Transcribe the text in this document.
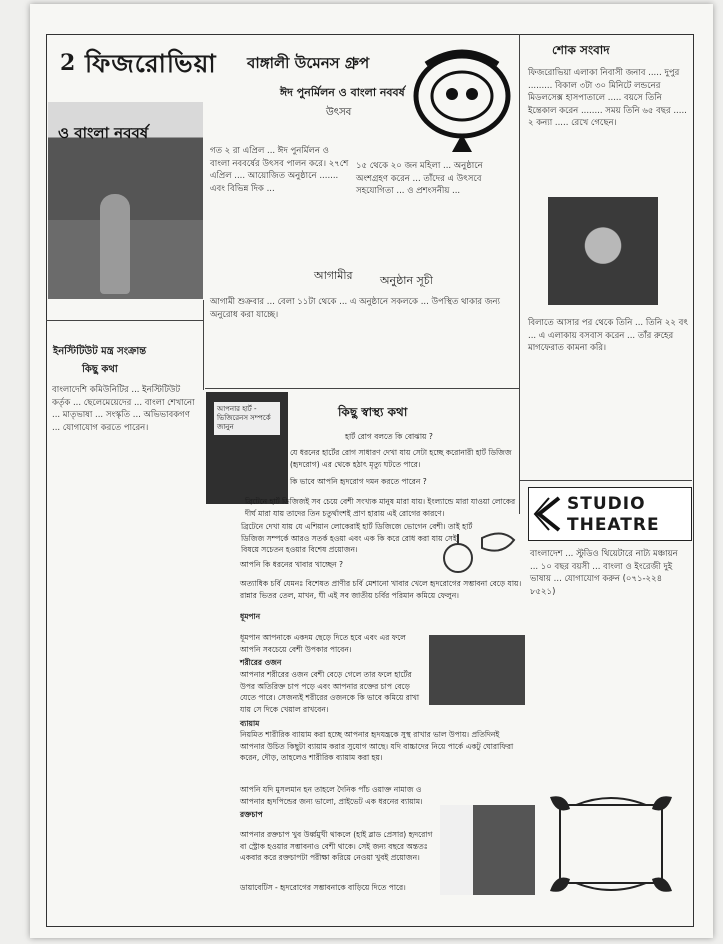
2 ফিজরোভিয়া বাঙ্গালী উমেনস গ্রুপ
ঈদ পুনর্মিলন ও বাংলা নববর্ষ
উৎসব
ও বাংলা নববর্ষ
গত ২ রা এপ্রিল ... ঈদ পুনর্মিলন ও বাংলা নববর্ষের উৎসব পালন করে। ২৭শে এপ্রিল .... আয়োজিত অনুষ্ঠানে ....... এবং বিভিন্ন দিক ...
১৫ থেকে ২০ জন মহিলা ... অনুষ্ঠানে অংশগ্রহণ করেন ... তাঁদের এ উৎসবে সহযোগিতা ... ও প্রশংসনীয় ...
আগামীর অনুষ্ঠান সূচী
আগামী শুক্রবার ... বেলা ১১টা থেকে ... এ অনুষ্ঠানে সকলকে ... উপস্থিত থাকার জন্য অনুরোধ করা যাচ্ছে।
ইনস্টিটিউট মন্ত্র সংক্রান্ত
কিছু কথা
বাংলাদেশি কমিউনিটির ... ইনস্টিটিউট কর্তৃক ... ছেলেমেয়েদের ... বাংলা শেখানো ... মাতৃভাষা ... সংস্কৃতি ... অভিভাবকগণ ... যোগাযোগ করতে পারেন।
শোক সংবাদ
ফিজরোভিয়া এলাকা নিবাসী জনাব ..... দুপুর ......... বিকাল ৩টা ৩০ মিনিটে লন্ডনের মিডলসেক্স হাসপাতালে ..... বয়সে তিনি ইন্তেকাল করেন ........ সময় তিনি ৬৫ বছর ..... ২ কন্যা ..... রেখে গেছেন।
বিলাতে আসার পর থেকে তিনি ... তিনি ২২ বৎ ... এ এলাকায় বসবাস করেন ... তাঁর রুহের মাগফেরাত কামনা করি।
আপনার হার্ট - ভিজিরেনস সম্পর্কে জানুন
কিছু স্বাস্থ্য কথা
হার্ট রোগ বলতে কি বোঝায় ?
যে ধরনের হার্টের রোগ সাধারণ দেখা যায় সেটা হচ্ছে করোনারী হার্ট ডিজিজ (হৃদরোগ) এর থেকে হঠাৎ মৃত্যু ঘটতে পারে।
কি ভাবে আপনি হৃদরোগ দমন করতে পারেন ?
ব্রিটেনে হার্ট ডিজিজই সব চেয়ে বেশী সংখ্যক মানুষ মারা যায়। ইংল্যান্ডে মারা যাওয়া লোকের দীর্ঘ মারা যায় তাদের তিন চতুর্থাংশই প্রাণ হারায় এই রোগের কারণে।
ব্রিটেনে দেখা যায় যে এশিয়ান লোকেরাই হার্ট ডিজিজে ভোগেন বেশী। তাই হার্ট ডিজিজ সম্পর্কে আরও সতর্ক হওয়া এবং এক কি করে রোধ করা যায় সেই বিষয়ে সচেতন হওয়ার বিশেষ প্রয়োজন।
আপনি কি ধরনের খাবার খাচ্ছেন ?
অত্যাধিক চর্বি যেমনঃ বিশেষত প্রাণীর চর্বি মেশানো খাবার খেলে হৃদরোগের সম্ভাবনা বেড়ে যায়। রান্নার ভিতর তেল, মাখন, ঘী এই সব জাতীয় চর্বির পরিমান কমিয়ে ফেলুন।
ধূমপান
ধূমপান আপনাকে একদম ছেড়ে দিতে হবে এবং এর ফলে আপনি সবচেয়ে বেশী উপকার পাবেন।
শরীরের ওজন
আপনার শরীরের ওজন বেশী বেড়ে গেলে তার ফলে হার্টের উপর অতিরিক্ত চাপ পড়ে এবং আপনার রক্তের চাপ বেড়ে যেতে পারে। সেজন্যই শরীরের ওজনকে কি ভাবে কমিয়ে রাখা যায় সে দিকে খেয়াল রাখবেন।
ব্যায়াম
নিয়মিত শারীরিক ব্যায়াম করা হচ্ছে আপনার হৃদযন্ত্রকে সুস্থ রাখার ভাল উপায়। প্রতিদিনই আপনার উচিত কিছুটা ব্যায়াম করার সুযোগ আছে। যদি বাচ্চাদের নিয়ে পার্কে একটু ঘোরাফিরা করেন, দৌড়, তাহলেও শারীরিক ব্যায়াম করা হয়।
আপনি যদি মুসলমান হন তাহলে দৈনিক পাঁচ ওয়াক্ত নামাজ ও আপনার হৃদপিন্ডের জন্য ভালো, প্রাইভেট এক ধরনের ব্যায়াম।
রক্তচাপ
আপনার রক্তচাপ খুব উর্ধ্বমুখী থাকলে (হাই ব্লাড প্রেসার) হৃদরোগ বা স্ট্রোক হওয়ার সম্ভাবনাও বেশী থাকে। সেই জন্য বছরে অন্ততঃ একবার করে রক্তচাপটা পরীক্ষা করিয়ে নেওয়া খুবই প্রয়োজন।
ডায়াবেটিস - হৃদরোগের সম্ভাবনাকে বাড়িয়ে দিতে পারে।
STUDIO
THEATRE
বাংলাদেশ ... স্টুডিও থিয়েটারে নাট্য মঞ্চায়ন ... ১০ বছর বয়সী ... বাংলা ও ইংরেজী দুই ভাষায় ... যোগাযোগ করুন (০৭১-২২৪ ৮৫২১)
